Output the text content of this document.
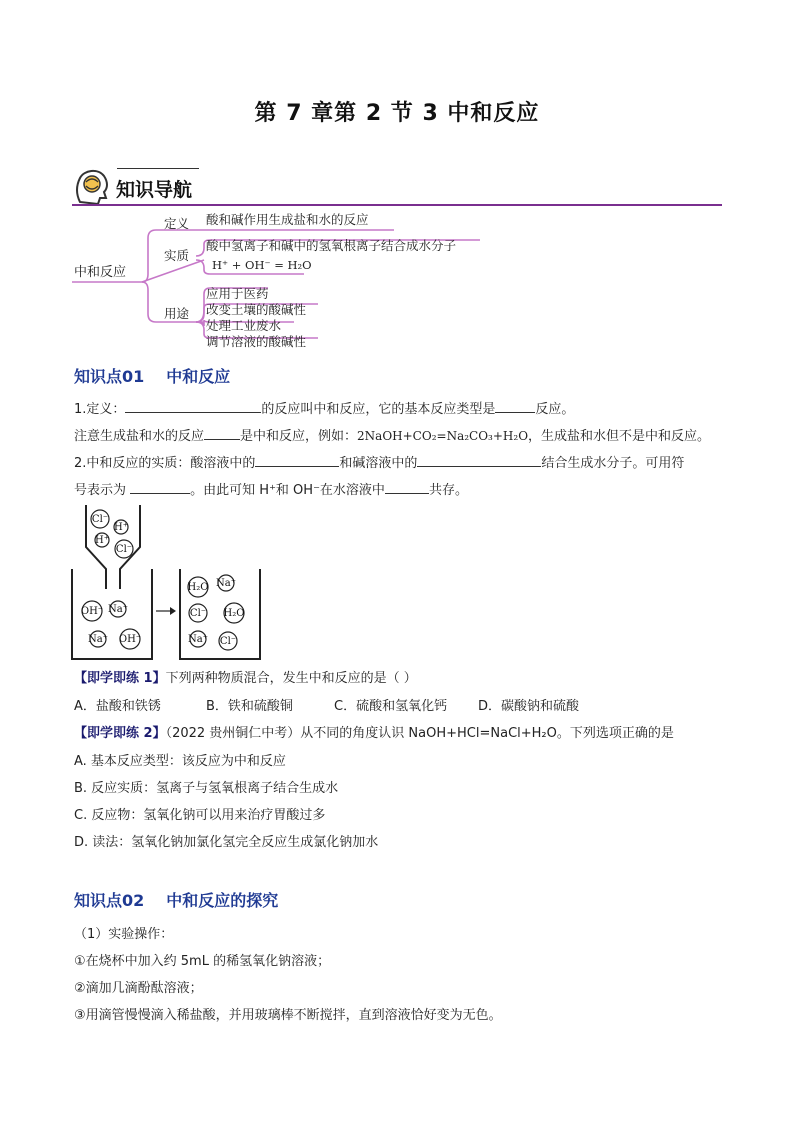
第 7 章第 2 节 3 中和反应
知识导航
中和反应
定义
实质
用途
酸和碱作用生成盐和水的反应
酸中氢离子和碱中的氢氧根离子结合成水分子
H⁺ + OH⁻ = H₂O
应用于医药
改变土壤的酸碱性
处理工业废水
调节溶液的酸碱性
知识点01 中和反应
1.定义：	的反应叫中和反应，它的基本反应类型是	反应。
注意生成盐和水的反应	是中和反应，例如：2NaOH+CO₂=Na₂CO₃+H₂O，生成盐和水但不是中和反应。
2.中和反应的实质：酸溶液中的	和碱溶液中的	结合生成水分子。可用符
号表示为	。由此可知 H⁺和 OH⁻在水溶液中	共存。
Cl⁻
H⁺
H⁺
Cl⁻
OH⁻ Na⁺
Na⁺ OH⁻
H₂O Na⁺
Cl⁻ H₂O
Na⁺ Cl⁻
【即学即练 1】下列两种物质混合，发生中和反应的是（ ）
A．盐酸和铁锈	B．铁和硫酸铜	C．硫酸和氢氧化钙 D．碳酸钠和硫酸
【即学即练 2】（2022 贵州铜仁中考）从不同的角度认识 NaOH+HCl=NaCl+H₂O。下列选项正确的是
A. 基本反应类型：该反应为中和反应
B. 反应实质：氢离子与氢氧根离子结合生成水
C. 反应物：氢氧化钠可以用来治疗胃酸过多
D. 读法：氢氧化钠加氯化氢完全反应生成氯化钠加水
知识点02 中和反应的探究
（1）实验操作：
①在烧杯中加入约 5mL 的稀氢氧化钠溶液；
②滴加几滴酚酞溶液；
③用滴管慢慢滴入稀盐酸，并用玻璃棒不断搅拌，直到溶液恰好变为无色。
